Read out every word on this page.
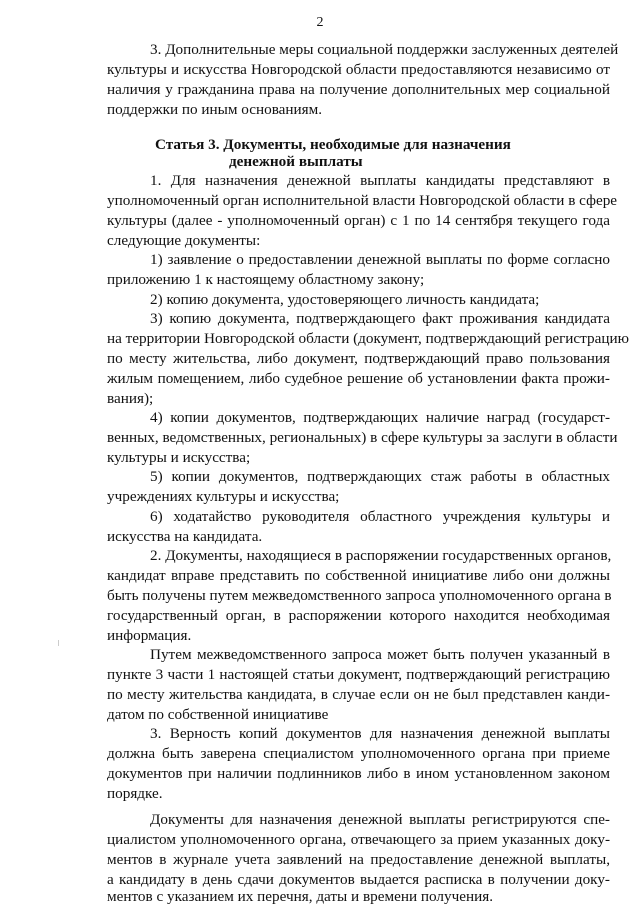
2
3. Дополнительные меры социальной поддержки заслуженных деятелей
культуры и искусства Новгородской области предоставляются независимо от
наличия у гражданина права на получение дополнительных мер социальной
поддержки по иным основаниям.
Статья 3. Документы, необходимые для назначения
денежной выплаты
1. Для назначения денежной выплаты кандидаты представляют в
уполномоченный орган исполнительной власти Новгородской области в сфере
культуры (далее - уполномоченный орган) с 1 по 14 сентября текущего года
следующие документы:
1) заявление о предоставлении денежной выплаты по форме согласно
приложению 1 к настоящему областному закону;
2) копию документа, удостоверяющего личность кандидата;
3) копию документа, подтверждающего факт проживания кандидата
на территории Новгородской области (документ, подтверждающий регистрацию
по месту жительства, либо документ, подтверждающий право пользования
жилым помещением, либо судебное решение об установлении факта прожи-
вания);
4) копии документов, подтверждающих наличие наград (государст-
венных, ведомственных, региональных) в сфере культуры за заслуги в области
культуры и искусства;
5) копии документов, подтверждающих стаж работы в областных
учреждениях культуры и искусства;
6) ходатайство руководителя областного учреждения культуры и
искусства на кандидата.
2. Документы, находящиеся в распоряжении государственных органов,
кандидат вправе представить по собственной инициативе либо они должны
быть получены путем межведомственного запроса уполномоченного органа в
государственный орган, в распоряжении которого находится необходимая
информация.
Путем межведомственного запроса может быть получен указанный в
пункте 3 части 1 настоящей статьи документ, подтверждающий регистрацию
по месту жительства кандидата, в случае если он не был представлен канди-
датом по собственной инициативе
3. Верность копий документов для назначения денежной выплаты
должна быть заверена специалистом уполномоченного органа при приеме
документов при наличии подлинников либо в ином установленном законом
порядке.
Документы для назначения денежной выплаты регистрируются спе-
циалистом уполномоченного органа, отвечающего за прием указанных доку-
ментов в журнале учета заявлений на предоставление денежной выплаты,
а кандидату в день сдачи документов выдается расписка в получении доку-
ментов с указанием их перечня, даты и времени получения.
